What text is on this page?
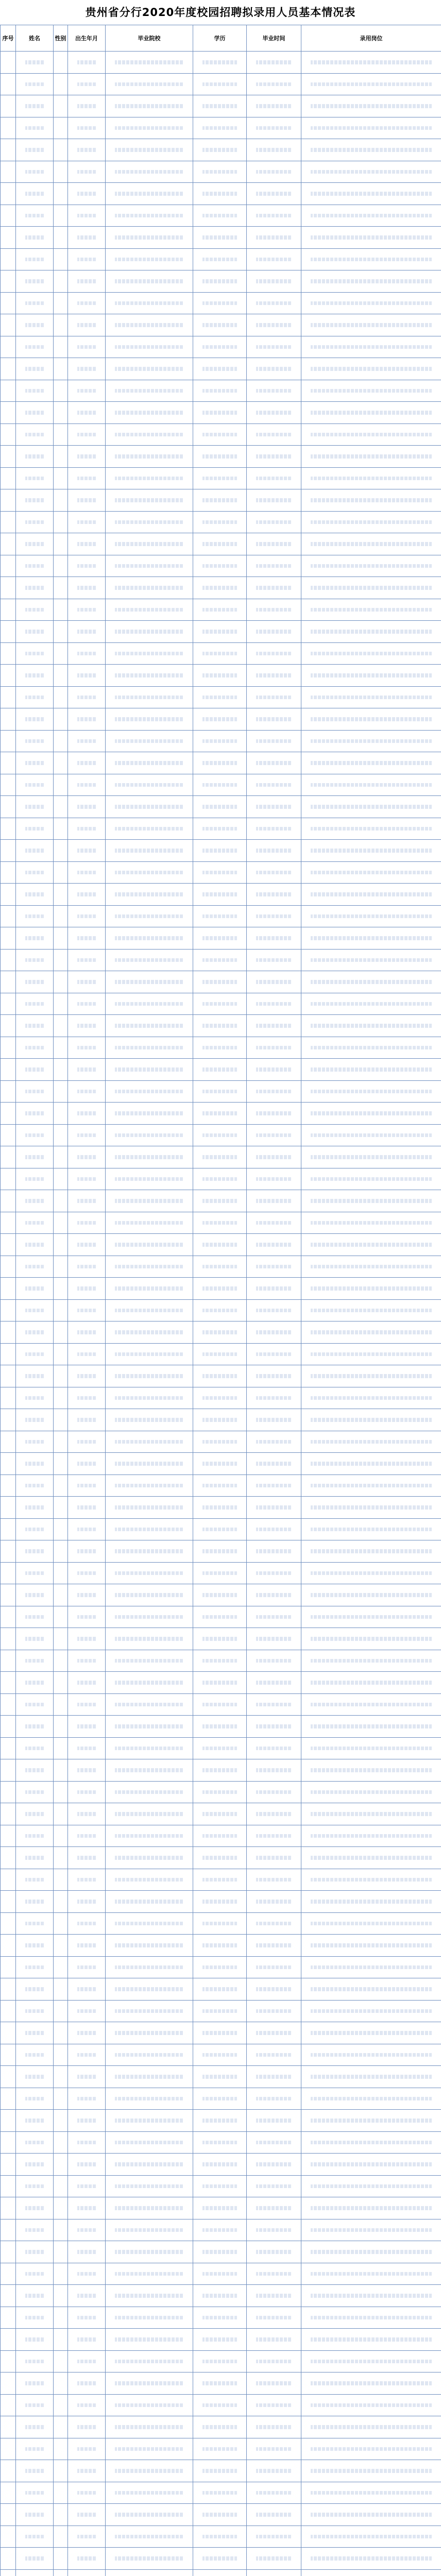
贵州省分行2020年度校园招聘拟录用人员基本情况表
序号	姓名	性别	出生年月	毕业院校	学历	毕业时间	录用岗位
